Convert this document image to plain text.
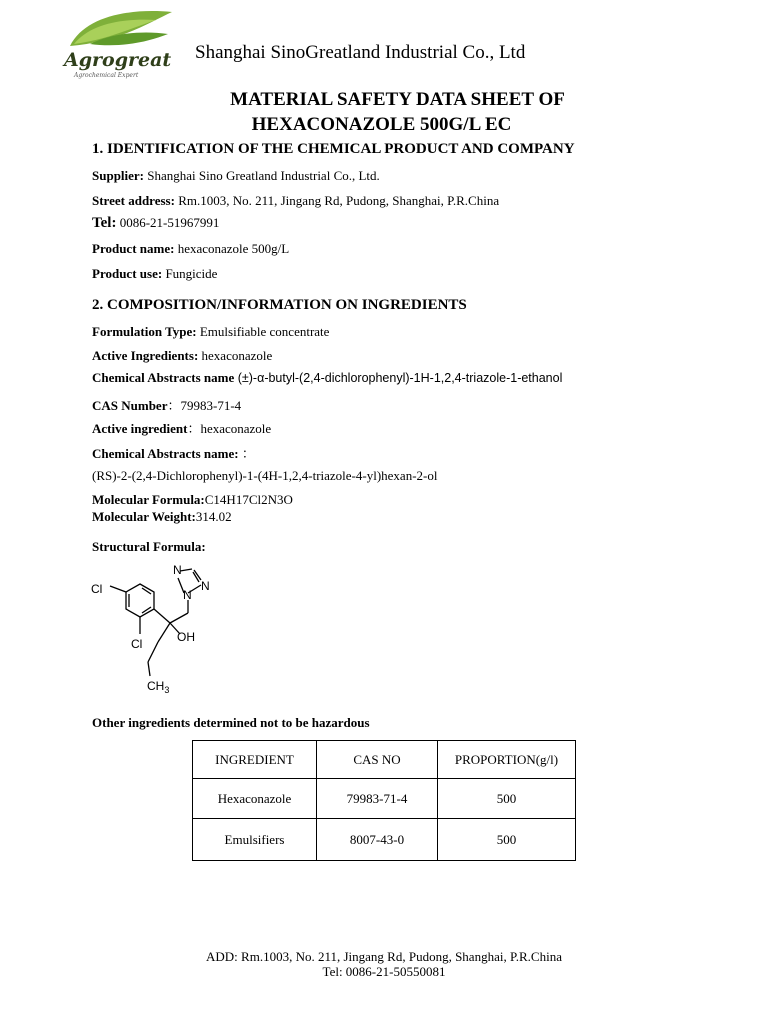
Agrogreat
Agrochemical Expert
Shanghai SinoGreatland Industrial Co., Ltd
MATERIAL SAFETY DATA SHEET OF
HEXACONAZOLE 500G/L EC
1. IDENTIFICATION OF THE CHEMICAL PRODUCT AND COMPANY
Supplier: Shanghai Sino Greatland Industrial Co., Ltd.
Street address: Rm.1003, No. 211, Jingang Rd, Pudong, Shanghai, P.R.China
Tel: 0086-21-51967991
Product name: hexaconazole 500g/L
Product use: Fungicide
2. COMPOSITION/INFORMATION ON INGREDIENTS
Formulation Type: Emulsifiable concentrate
Active Ingredients: hexaconazole
Chemical Abstracts name (±)-α-butyl-(2,4-dichlorophenyl)-1H-1,2,4-triazole-1-ethanol
CAS Number：79983-71-4
Active ingredient：hexaconazole
Chemical Abstracts name: ：
(RS)-2-(2,4-Dichlorophenyl)-1-(4H-1,2,4-triazole-4-yl)hexan-2-ol
Molecular Formula:C14H17Cl2N3O
Molecular Weight:314.02
Structural Formula:
N
N
N
Cl
Cl	OH
$CH_3$
Other ingredients determined not to be hazardous
INGREDIENT	CAS NO	PROPORTION(g/l)
Hexaconazole	79983-71-4	500
Emulsifiers	8007-43-0	500
ADD: Rm.1003, No. 211, Jingang Rd, Pudong, Shanghai, P.R.China
Tel: 0086-21-50550081
